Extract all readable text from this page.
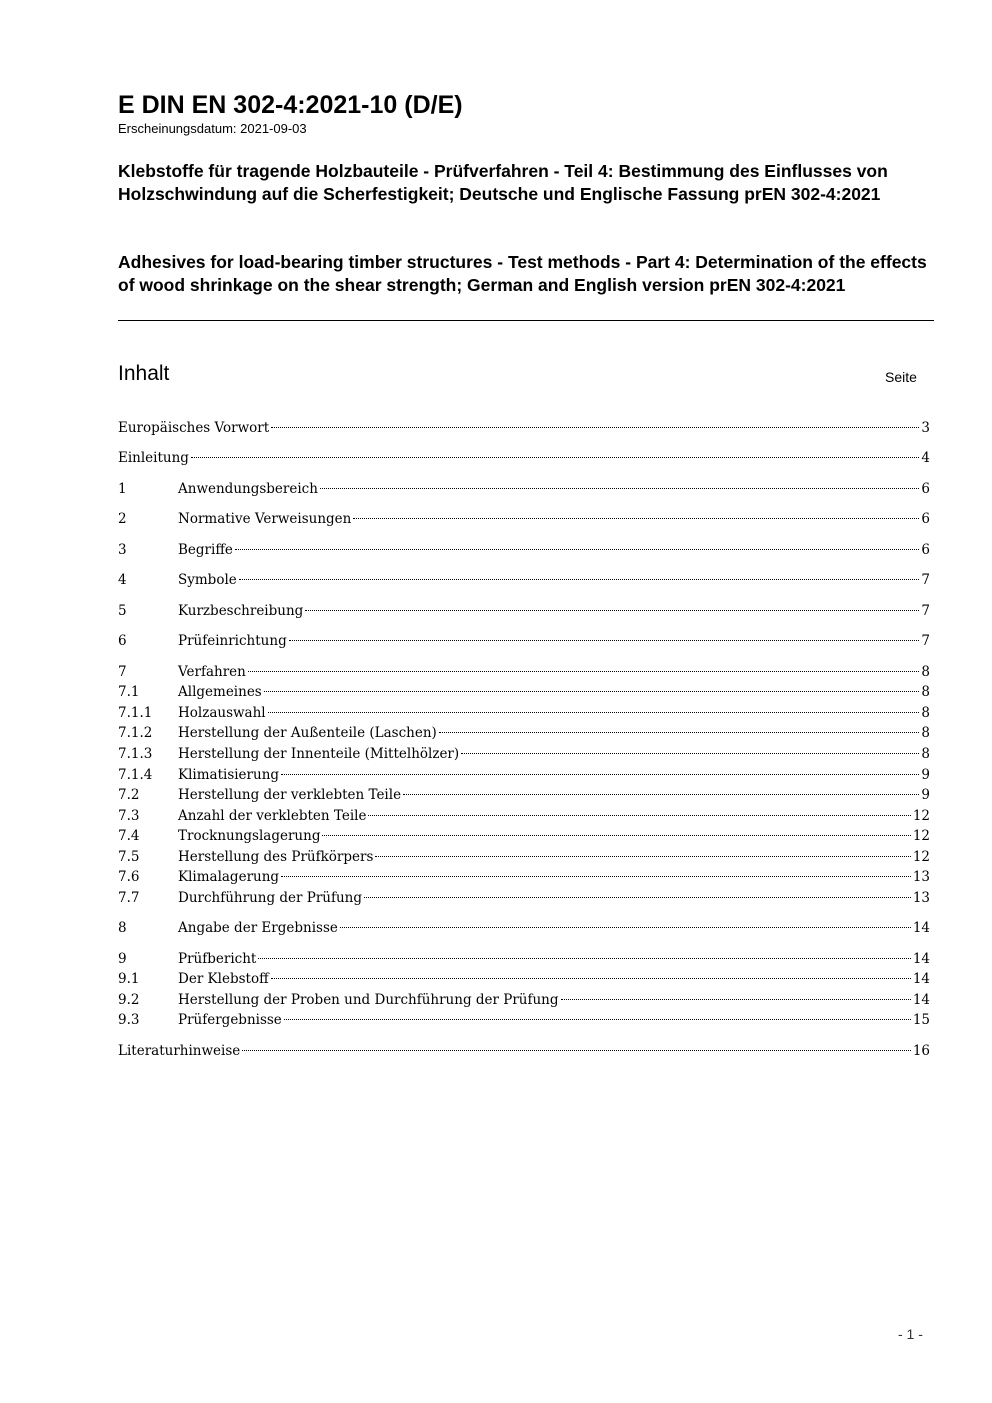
E DIN EN 302-4:2021-10 (D/E)
Erscheinungsdatum: 2021-09-03
Klebstoffe für tragende Holzbauteile - Prüfverfahren - Teil 4: Bestimmung des Einflusses von Holzschwindung auf die Scherfestigkeit; Deutsche und Englische Fassung prEN 302-4:2021
Adhesives for load-bearing timber structures - Test methods - Part 4: Determination of the effects of wood shrinkage on the shear strength; German and English version prEN 302-4:2021
Inhalt	Seite
Europäisches Vorwort	3
Einleitung	4
1	Anwendungsbereich	6
2	Normative Verweisungen	6
3	Begriffe	6
4	Symbole	7
5	Kurzbeschreibung	7
6	Prüfeinrichtung	7
7	Verfahren	8
7.1	Allgemeines	8
7.1.1	Holzauswahl	8
7.1.2	Herstellung der Außenteile (Laschen)	8
7.1.3	Herstellung der Innenteile (Mittelhölzer)	8
7.1.4	Klimatisierung	9
7.2	Herstellung der verklebten Teile	9
7.3	Anzahl der verklebten Teile	12
7.4	Trocknungslagerung	12
7.5	Herstellung des Prüfkörpers	12
7.6	Klimalagerung	13
7.7	Durchführung der Prüfung	13
8	Angabe der Ergebnisse	14
9	Prüfbericht	14
9.1	Der Klebstoff	14
9.2	Herstellung der Proben und Durchführung der Prüfung	14
9.3	Prüfergebnisse	15
Literaturhinweise	16
- 1 -
